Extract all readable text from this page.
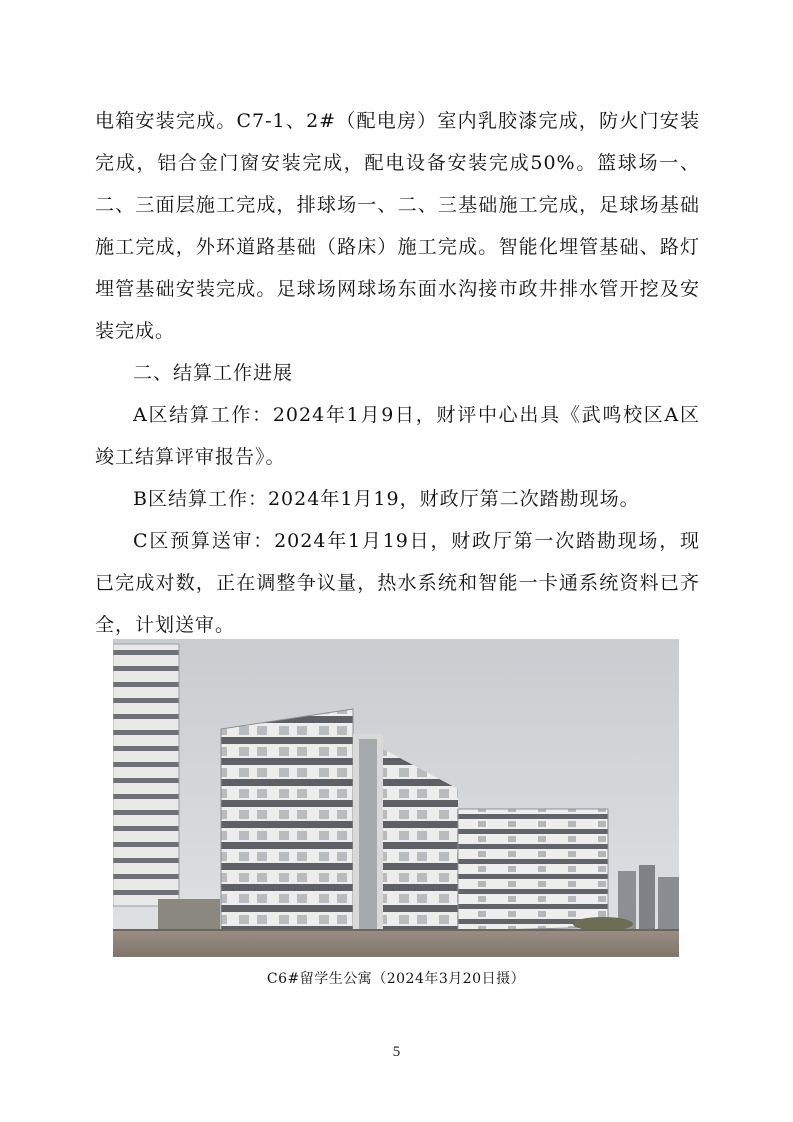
电箱安装完成。C7-1、2#（配电房）室内乳胶漆完成，防火门安装完成，铝合金门窗安装完成，配电设备安装完成50%。篮球场一、二、三面层施工完成，排球场一、二、三基础施工完成，足球场基础施工完成，外环道路基础（路床）施工完成。智能化埋管基础、路灯埋管基础安装完成。足球场网球场东面水沟接市政井排水管开挖及安装完成。

二、结算工作进展

A区结算工作：2024年1月9日，财评中心出具《武鸣校区A区竣工结算评审报告》。

B区结算工作：2024年1月19，财政厅第二次踏勘现场。

C区预算送审：2024年1月19日，财政厅第一次踏勘现场，现已完成对数，正在调整争议量，热水系统和智能一卡通系统资料已齐全，计划送审。

C6#留学生公寓（2024年3月20日摄）
5
